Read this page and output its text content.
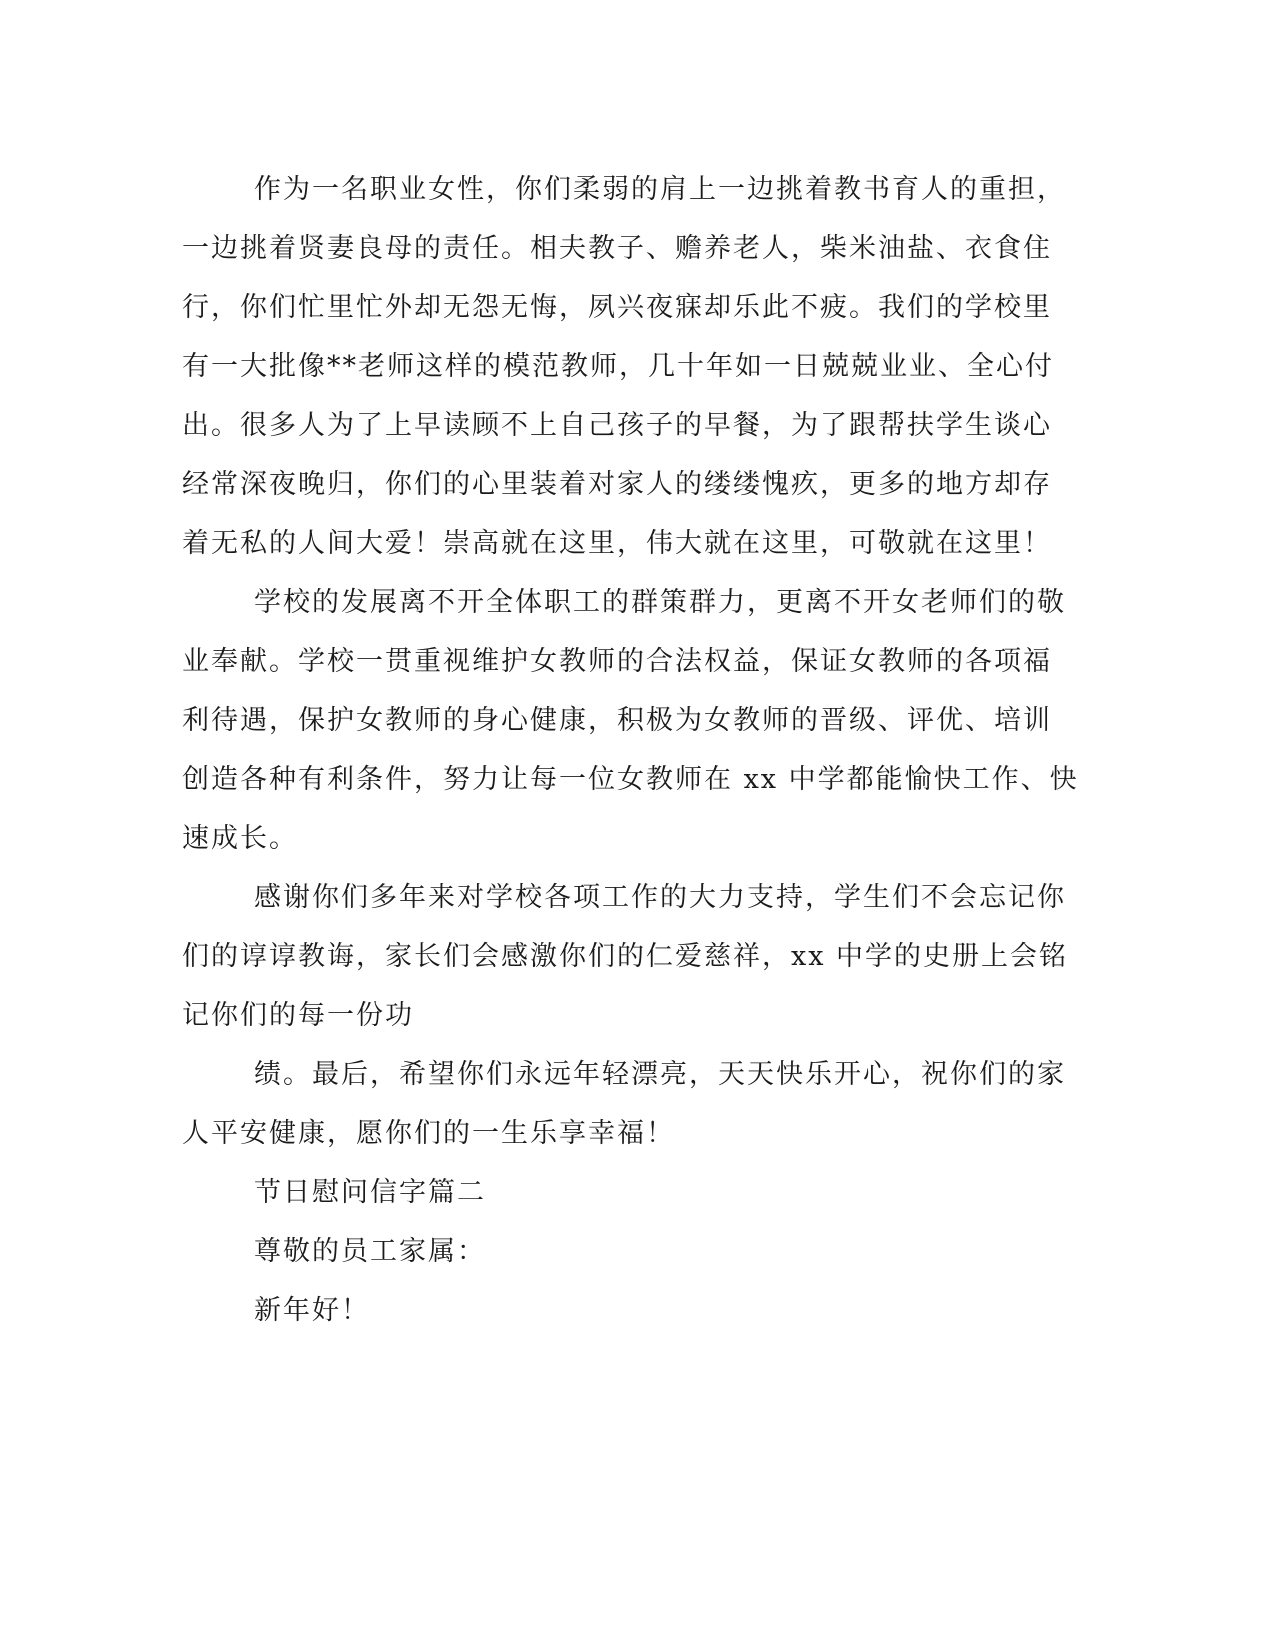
作为一名职业女性，你们柔弱的肩上一边挑着教书育人的重担，
一边挑着贤妻良母的责任。相夫教子、赡养老人，柴米油盐、衣食住
行，你们忙里忙外却无怨无悔，夙兴夜寐却乐此不疲。我们的学校里
有一大批像**老师这样的模范教师，几十年如一日兢兢业业、全心付
出。很多人为了上早读顾不上自己孩子的早餐，为了跟帮扶学生谈心
经常深夜晚归，你们的心里装着对家人的缕缕愧疚，更多的地方却存
着无私的人间大爱！崇高就在这里，伟大就在这里，可敬就在这里！
学校的发展离不开全体职工的群策群力，更离不开女老师们的敬
业奉献。学校一贯重视维护女教师的合法权益，保证女教师的各项福
利待遇，保护女教师的身心健康，积极为女教师的晋级、评优、培训
创造各种有利条件，努力让每一位女教师在 xx 中学都能愉快工作、快
速成长。
感谢你们多年来对学校各项工作的大力支持，学生们不会忘记你
们的谆谆教诲，家长们会感激你们的仁爱慈祥，xx 中学的史册上会铭
记你们的每一份功
绩。最后，希望你们永远年轻漂亮，天天快乐开心，祝你们的家
人平安健康，愿你们的一生乐享幸福！
节日慰问信字篇二
尊敬的员工家属：
新年好！
